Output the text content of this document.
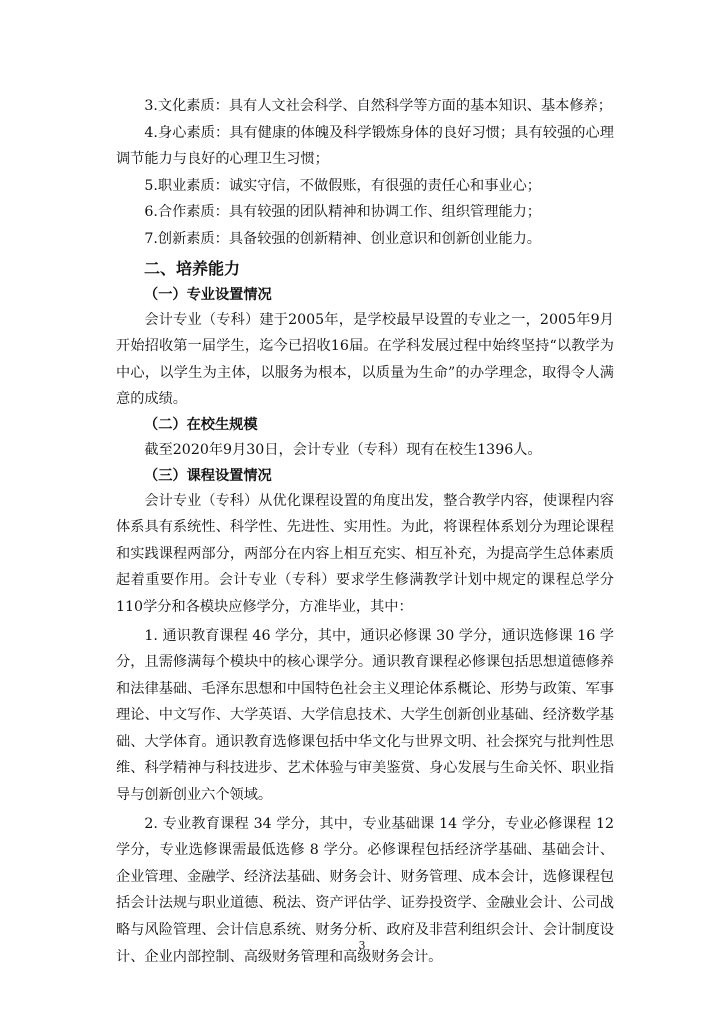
3.文化素质：具有人文社会科学、自然科学等方面的基本知识、基本修养；

4.身心素质：具有健康的体魄及科学锻炼身体的良好习惯；具有较强的心理调节能力与良好的心理卫生习惯；

5.职业素质：诚实守信，不做假账，有很强的责任心和事业心；

6.合作素质：具有较强的团队精神和协调工作、组织管理能力；

7.创新素质：具备较强的创新精神、创业意识和创新创业能力。

二、培养能力
（一）专业设置情况

会计专业（专科）建于2005年，是学校最早设置的专业之一，2005年9月开始招收第一届学生，迄今已招收16届。在学科发展过程中始终坚持“以教学为中心，以学生为主体，以服务为根本，以质量为生命”的办学理念，取得令人满意的成绩。

（二）在校生规模

截至2020年9月30日，会计专业（专科）现有在校生1396人。

（三）课程设置情况

会计专业（专科）从优化课程设置的角度出发，整合教学内容，使课程内容体系具有系统性、科学性、先进性、实用性。为此，将课程体系划分为理论课程和实践课程两部分，两部分在内容上相互充实、相互补充，为提高学生总体素质起着重要作用。会计专业（专科）要求学生修满教学计划中规定的课程总学分110学分和各模块应修学分，方准毕业，其中：

1. 通识教育课程 46 学分，其中，通识必修课 30 学分，通识选修课 16 学分，且需修满每个模块中的核心课学分。通识教育课程必修课包括思想道德修养和法律基础、毛泽东思想和中国特色社会主义理论体系概论、形势与政策、军事理论、中文写作、大学英语、大学信息技术、大学生创新创业基础、经济数学基础、大学体育。通识教育选修课包括中华文化与世界文明、社会探究与批判性思维、科学精神与科技进步、艺术体验与审美鉴赏、身心发展与生命关怀、职业指导与创新创业六个领域。

2. 专业教育课程 34 学分，其中，专业基础课 14 学分，专业必修课程 12 学分，专业选修课需最低选修 8 学分。必修课程包括经济学基础、基础会计、企业管理、金融学、经济法基础、财务会计、财务管理、成本会计，选修课程包括会计法规与职业道德、税法、资产评估学、证券投资学、金融业会计、公司战略与风险管理、会计信息系统、财务分析、政府及非营利组织会计、会计制度设计、企业内部控制、高级财务管理和高级财务会计。

3
